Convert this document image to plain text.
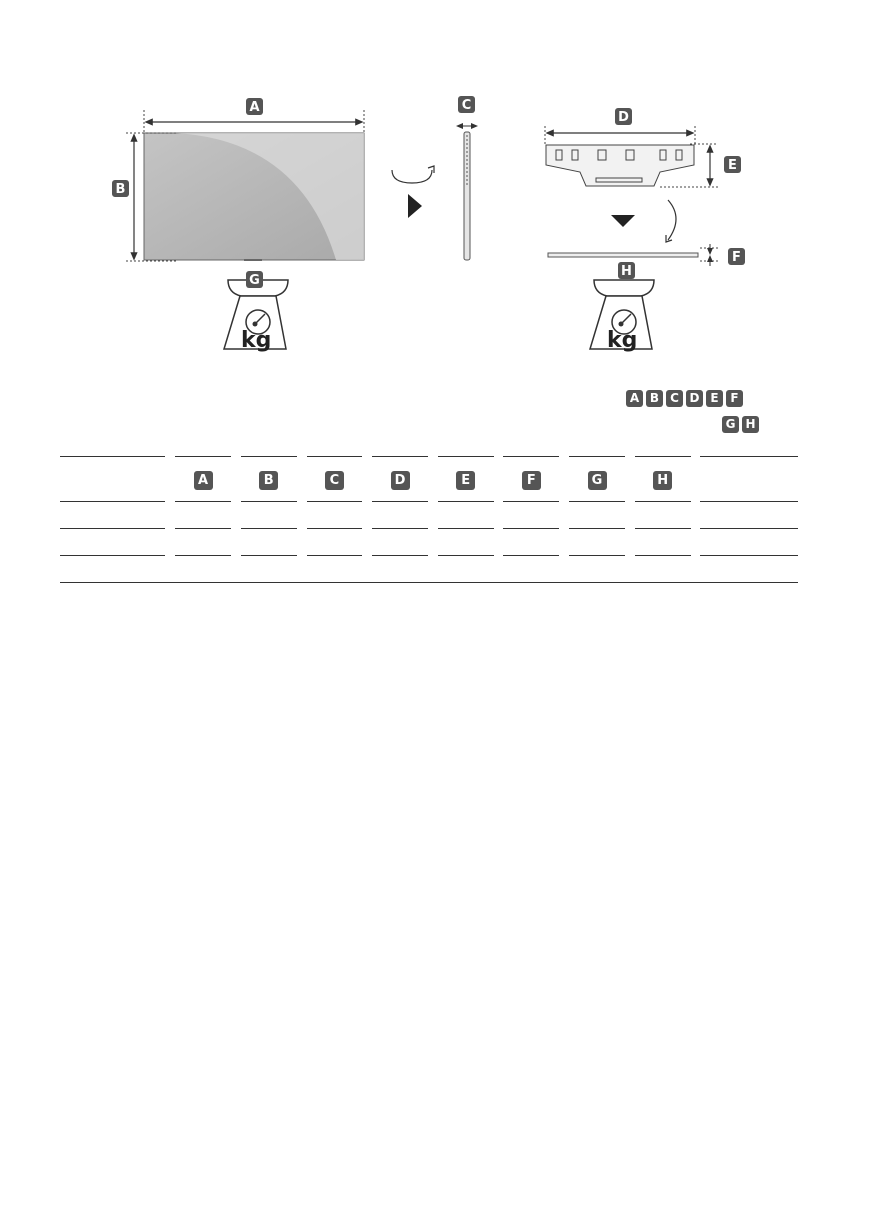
kg	kg
A
B
C
D
E
F
G
H
A B C D E F
G H
		A		B		C		D		E		F		G		H		
